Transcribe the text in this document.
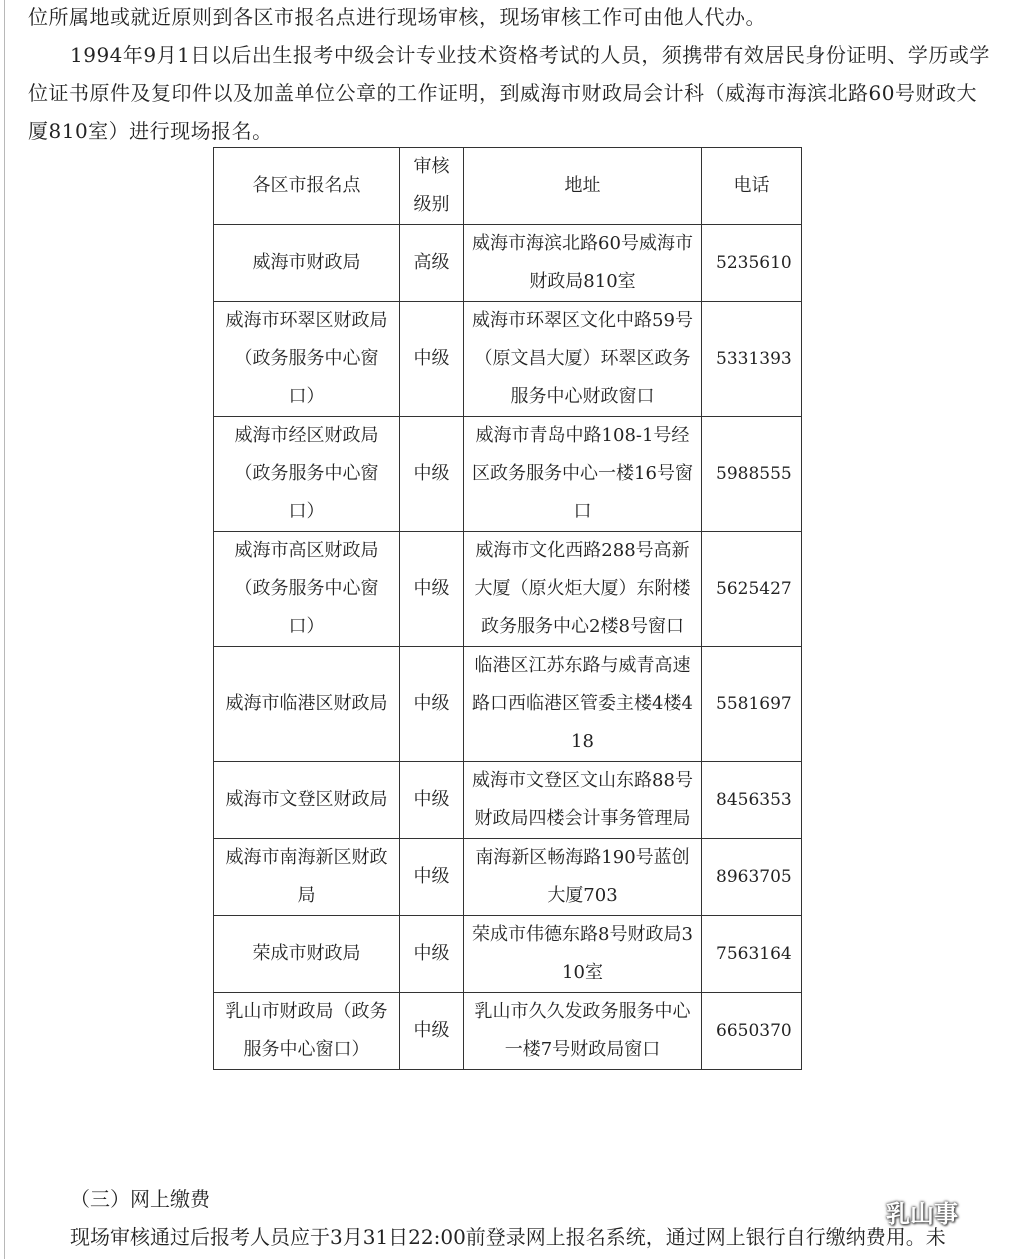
位所属地或就近原则到各区市报名点进行现场审核，现场审核工作可由他人代办。

1994年9月1日以后出生报考中级会计专业技术资格考试的人员，须携带有效居民身份证明、学历或学位证书原件及复印件以及加盖单位公章的工作证明，到威海市财政局会计科（威海市海滨北路60号财政大厦810室）进行现场报名。

各区市报名点	审核级别	地址	电话
威海市财政局	高级	威海市海滨北路60号威海市财政局810室	5235610
威海市环翠区财政局（政务服务中心窗口）	中级	威海市环翠区文化中路59号（原文昌大厦）环翠区政务服务中心财政窗口	5331393
威海市经区财政局（政务服务中心窗口）	中级	威海市青岛中路108-1号经区政务服务中心一楼16号窗口	5988555
威海市高区财政局（政务服务中心窗口）	中级	威海市文化西路288号高新大厦（原火炬大厦）东附楼政务服务中心2楼8号窗口	5625427
威海市临港区财政局	中级	临港区江苏东路与威青高速路口西临港区管委主楼4楼418	5581697
威海市文登区财政局	中级	威海市文登区文山东路88号财政局四楼会计事务管理局	8456353
威海市南海新区财政局	中级	南海新区畅海路190号蓝创大厦703	8963705
荣成市财政局	中级	荣成市伟德东路8号财政局310室	7563164
乳山市财政局（政务服务中心窗口）	中级	乳山市久久发政务服务中心一楼7号财政局窗口	6650370

（三）网上缴费

现场审核通过后报考人员应于3月31日22:00前登录网上报名系统，通过网上银行自行缴纳费用。未

乳山事
